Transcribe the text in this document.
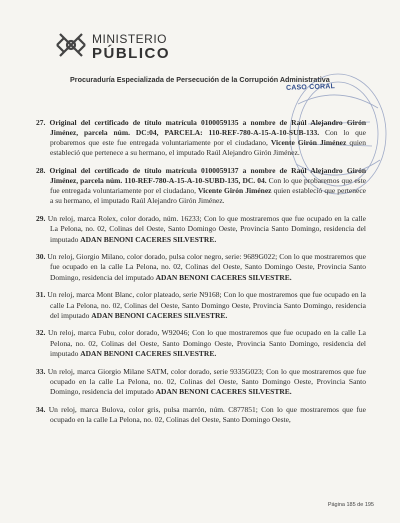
MINISTERIO
PÚBLICO
Procuraduría Especializada de Persecución de la Corrupción Administrativa
CASO CORAL

27. Original del certificado de título matrícula 0100059135 a nombre de Raúl Alejandro Girón Jiménez, parcela núm. DC:04, PARCELA: 110-REF-780-A-15-A-10-SUB-133. Con lo que probaremos que este fue entregada voluntariamente por el ciudadano, Vicente Girón Jiménez quien estableció que pertenece a su hermano, el imputado Raúl Alejandro Girón Jiménez.

28. Original del certificado de título matrícula 0100059137 a nombre de Raúl Alejandro Girón Jiménez, parcela núm. 110-REF-780-A-15-A-10-SUBD-135, DC. 04. Con lo que probaremos que este fue entregada voluntariamente por el ciudadano, Vicente Girón Jiménez quien estableció que pertenece a su hermano, el imputado Raúl Alejandro Girón Jiménez.

29. Un reloj, marca Rolex, color dorado, núm. 16233; Con lo que mostraremos que fue ocupado en la calle La Pelona, no. 02, Colinas del Oeste, Santo Domingo Oeste, Provincia Santo Domingo, residencia del imputado ADAN BENONI CACERES SILVESTRE.

30. Un reloj, Giorgio Milano, color dorado, pulsa color negro, serie: 9689G022; Con lo que mostraremos que fue ocupado en la calle La Pelona, no. 02, Colinas del Oeste, Santo Domingo Oeste, Provincia Santo Domingo, residencia del imputado ADAN BENONI CACERES SILVESTRE.

31. Un reloj, marca Mont Blanc, color plateado, serie N9168; Con lo que mostraremos que fue ocupado en la calle La Pelona, no. 02, Colinas del Oeste, Santo Domingo Oeste, Provincia Santo Domingo, residencia del imputado ADAN BENONI CACERES SILVESTRE.

32. Un reloj, marca Fubu, color dorado, W92046; Con lo que mostraremos que fue ocupado en la calle La Pelona, no. 02, Colinas del Oeste, Santo Domingo Oeste, Provincia Santo Domingo, residencia del imputado ADAN BENONI CACERES SILVESTRE.

33. Un reloj, marca Giorgio Milane SATM, color dorado, serie 9335G023; Con lo que mostraremos que fue ocupado en la calle La Pelona, no. 02, Colinas del Oeste, Santo Domingo Oeste, Provincia Santo Domingo, residencia del imputado ADAN BENONI CACERES SILVESTRE.

34. Un reloj, marca Bulova, color gris, pulsa marrón, núm. C877851; Con lo que mostraremos que fue ocupado en la calle La Pelona, no. 02, Colinas del Oeste, Santo Domingo Oeste,

Página 185 de 195
